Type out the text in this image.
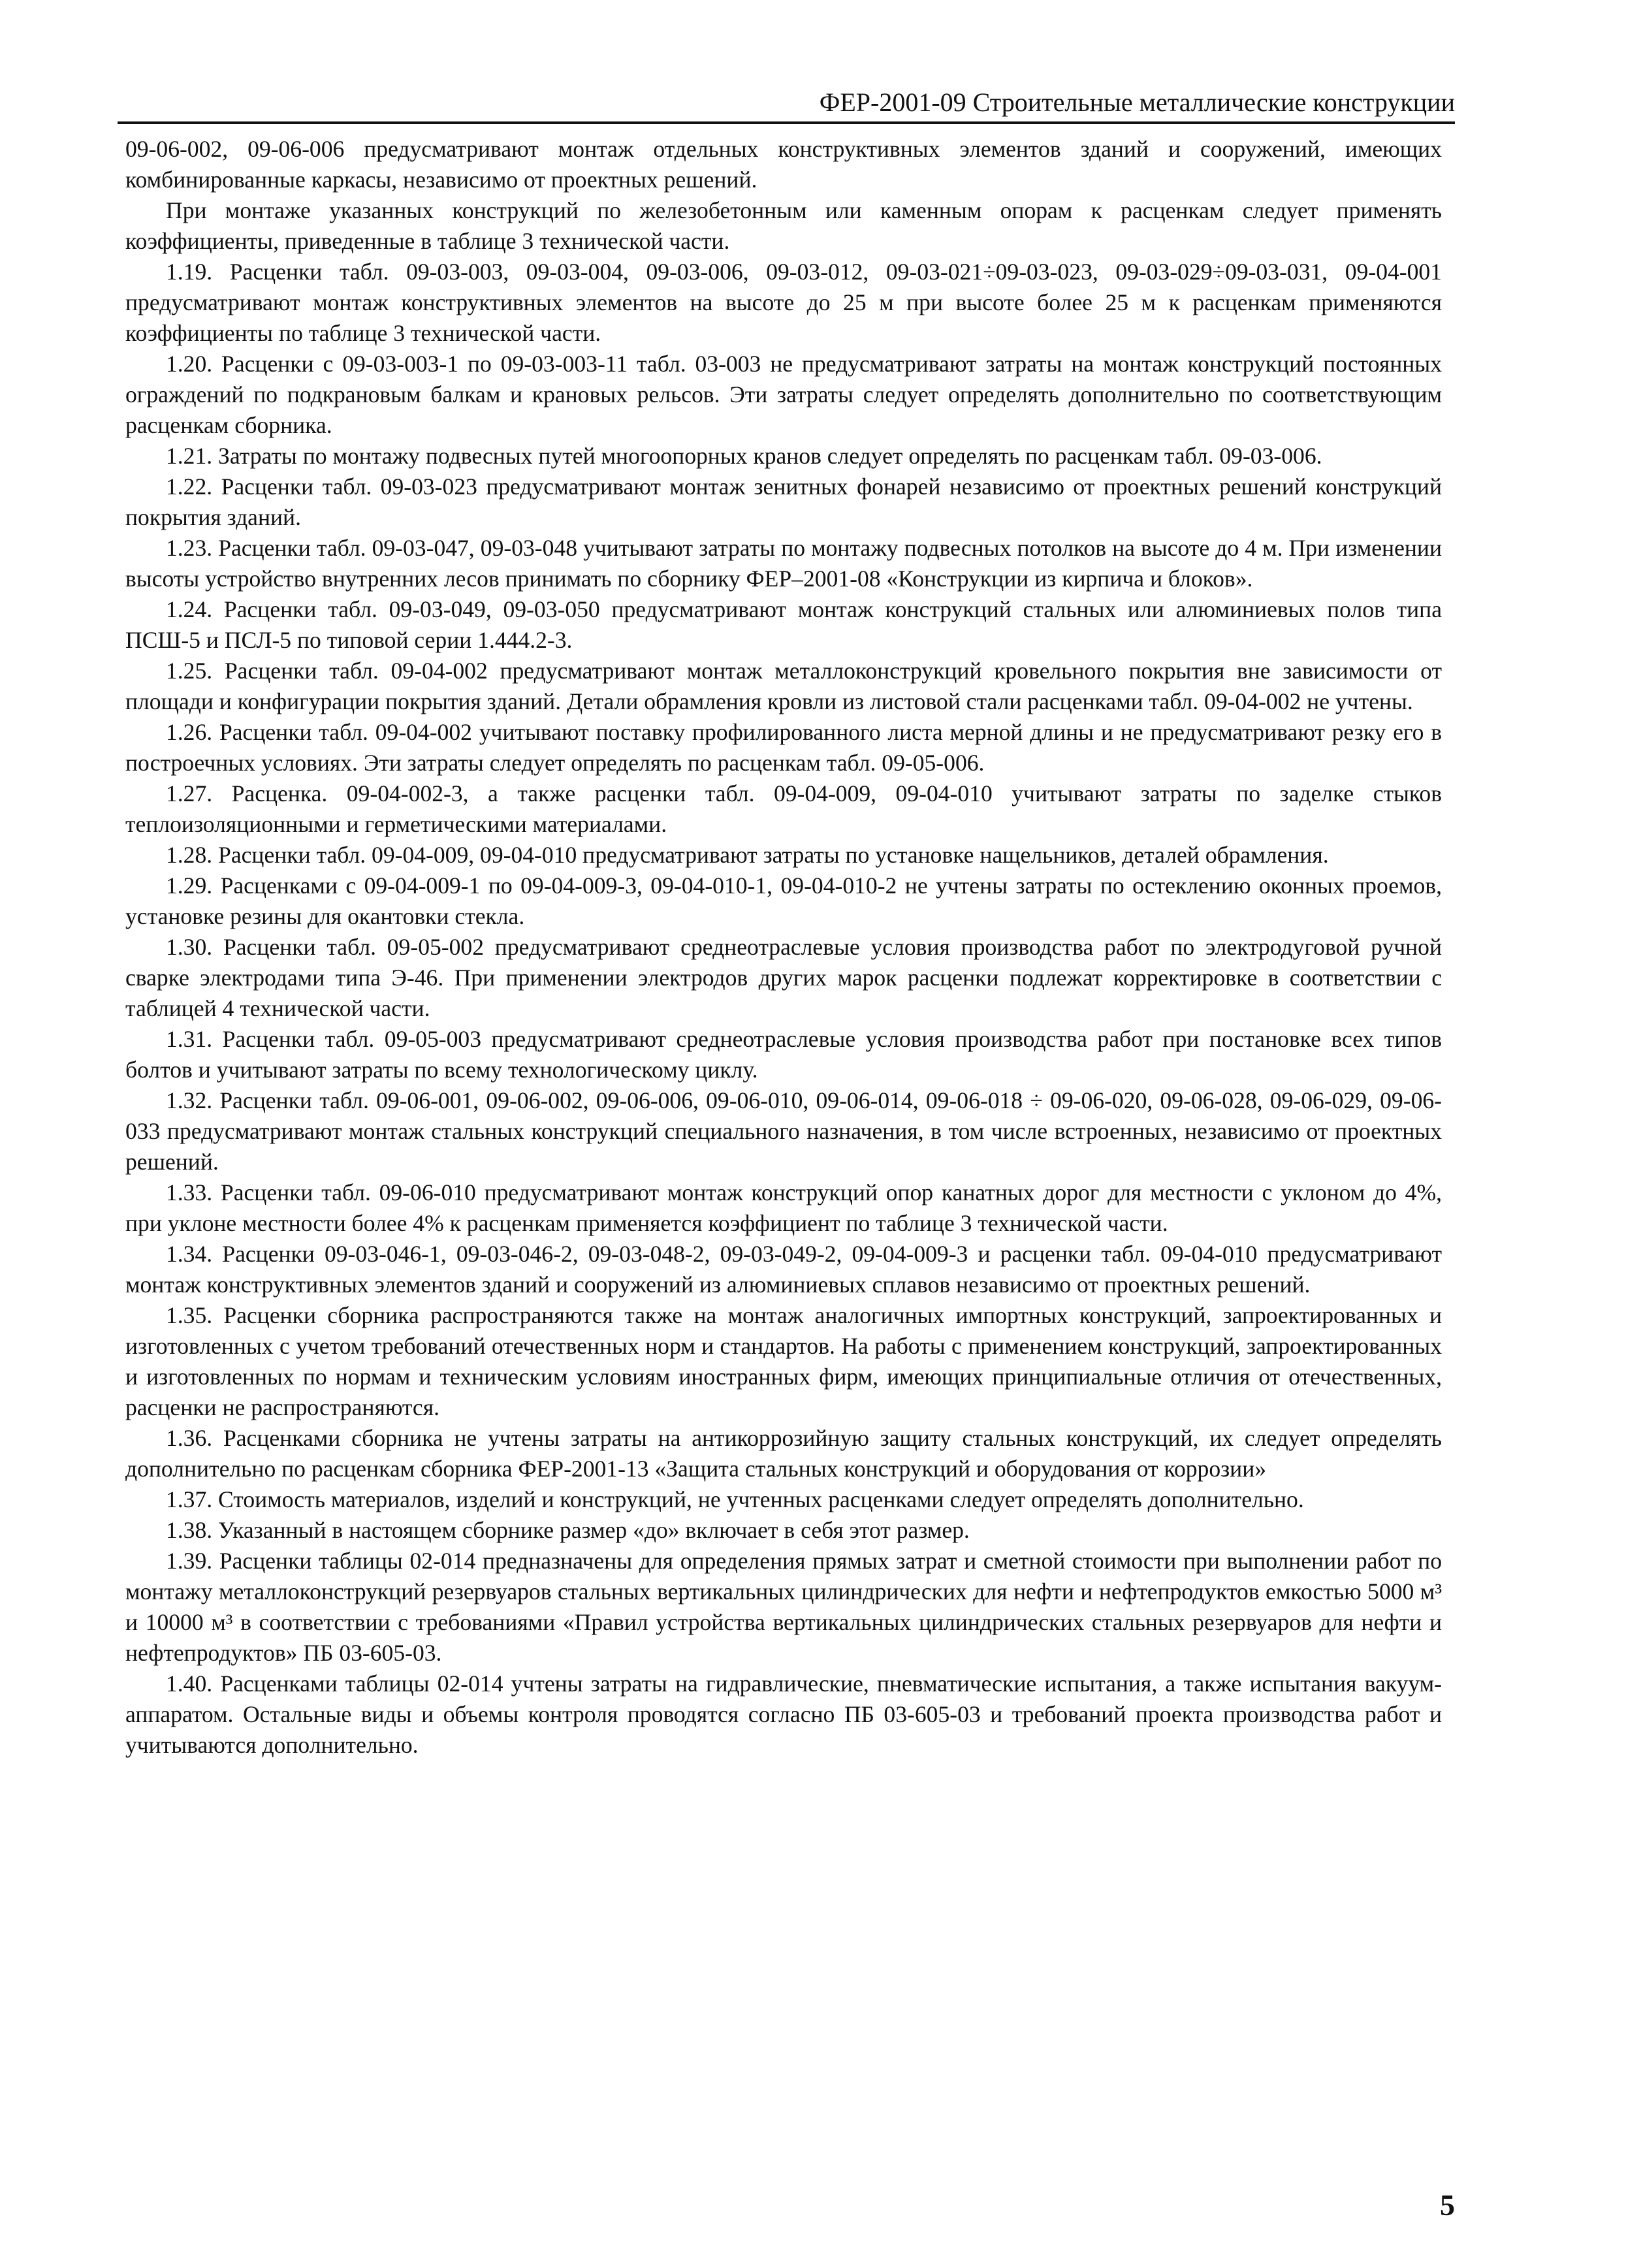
ФЕР-2001-09 Строительные металлические конструкции

09-06-002, 09-06-006 предусматривают монтаж отдельных конструктивных элементов зданий и сооружений, имеющих комбинированные каркасы, независимо от проектных решений.

При монтаже указанных конструкций по железобетонным или каменным опорам к расценкам следует применять коэффициенты, приведенные в таблице 3 технической части.

1.19. Расценки табл. 09-03-003, 09-03-004, 09-03-006, 09-03-012, 09-03-021÷09-03-023, 09-03-029÷09-03-031, 09-04-001 предусматривают монтаж конструктивных элементов на высоте до 25 м при высоте более 25 м к расценкам применяются коэффициенты по таблице 3 технической части.

1.20. Расценки с 09-03-003-1 по 09-03-003-11 табл. 03-003 не предусматривают затраты на монтаж конструкций постоянных ограждений по подкрановым балкам и крановых рельсов. Эти затраты следует определять дополнительно по соответствующим расценкам сборника.

1.21. Затраты по монтажу подвесных путей многоопорных кранов следует определять по расценкам табл. 09-03-006.

1.22. Расценки табл. 09-03-023 предусматривают монтаж зенитных фонарей независимо от проектных решений конструкций покрытия зданий.

1.23. Расценки табл. 09-03-047, 09-03-048 учитывают затраты по монтажу подвесных потолков на высоте до 4 м. При изменении высоты устройство внутренних лесов принимать по сборнику ФЕР–2001-08 «Конструкции из кирпича и блоков».

1.24. Расценки табл. 09-03-049, 09-03-050 предусматривают монтаж конструкций стальных или алюминиевых полов типа ПСШ-5 и ПСЛ-5 по типовой серии 1.444.2-3.

1.25. Расценки табл. 09-04-002 предусматривают монтаж металлоконструкций кровельного покрытия вне зависимости от площади и конфигурации покрытия зданий. Детали обрамления кровли из листовой стали расценками табл. 09-04-002 не учтены.

1.26. Расценки табл. 09-04-002 учитывают поставку профилированного листа мерной длины и не предусматривают резку его в построечных условиях. Эти затраты следует определять по расценкам табл. 09-05-006.

1.27. Расценка. 09-04-002-3, а также расценки табл. 09-04-009, 09-04-010 учитывают затраты по заделке стыков теплоизоляционными и герметическими материалами.

1.28. Расценки табл. 09-04-009, 09-04-010 предусматривают затраты по установке нащельников, деталей обрамления.

1.29. Расценками с 09-04-009-1 по 09-04-009-3, 09-04-010-1, 09-04-010-2 не учтены затраты по остеклению оконных проемов, установке резины для окантовки стекла.

1.30. Расценки табл. 09-05-002 предусматривают среднеотраслевые условия производства работ по электродуговой ручной сварке электродами типа Э-46. При применении электродов других марок расценки подлежат корректировке в соответствии с таблицей 4 технической части.

1.31. Расценки табл. 09-05-003 предусматривают среднеотраслевые условия производства работ при постановке всех типов болтов и учитывают затраты по всему технологическому циклу.

1.32. Расценки табл. 09-06-001, 09-06-002, 09-06-006, 09-06-010, 09-06-014, 09-06-018 ÷ 09-06-020, 09-06-028, 09-06-029, 09-06-033 предусматривают монтаж стальных конструкций специального назначения, в том числе встроенных, независимо от проектных решений.

1.33. Расценки табл. 09-06-010 предусматривают монтаж конструкций опор канатных дорог для местности с уклоном до 4%, при уклоне местности более 4% к расценкам применяется коэффициент по таблице 3 технической части.

1.34. Расценки 09-03-046-1, 09-03-046-2, 09-03-048-2, 09-03-049-2, 09-04-009-3 и расценки табл. 09-04-010 предусматривают монтаж конструктивных элементов зданий и сооружений из алюминиевых сплавов независимо от проектных решений.

1.35. Расценки сборника распространяются также на монтаж аналогичных импортных конструкций, запроектированных и изготовленных с учетом требований отечественных норм и стандартов. На работы с применением конструкций, запроектированных и изготовленных по нормам и техническим условиям иностранных фирм, имеющих принципиальные отличия от отечественных, расценки не распространяются.

1.36. Расценками сборника не учтены затраты на антикоррозийную защиту стальных конструкций, их следует определять дополнительно по расценкам сборника ФЕР-2001-13 «Защита стальных конструкций и оборудования от коррозии»

1.37. Стоимость материалов, изделий и конструкций, не учтенных расценками следует определять дополнительно.

1.38. Указанный в настоящем сборнике размер «до» включает в себя этот размер.

1.39. Расценки таблицы 02-014 предназначены для определения прямых затрат и сметной стоимости при выполнении работ по монтажу металлоконструкций резервуаров стальных вертикальных цилиндрических для нефти и нефтепродуктов емкостью 5000 м³ и 10000 м³ в соответствии с требованиями «Правил устройства вертикальных цилиндрических стальных резервуаров для нефти и нефтепродуктов» ПБ 03-605-03.

1.40. Расценками таблицы 02-014 учтены затраты на гидравлические, пневматические испытания, а также испытания вакуум-аппаратом. Остальные виды и объемы контроля проводятся согласно ПБ 03-605-03 и требований проекта производства работ и учитываются дополнительно.

5
